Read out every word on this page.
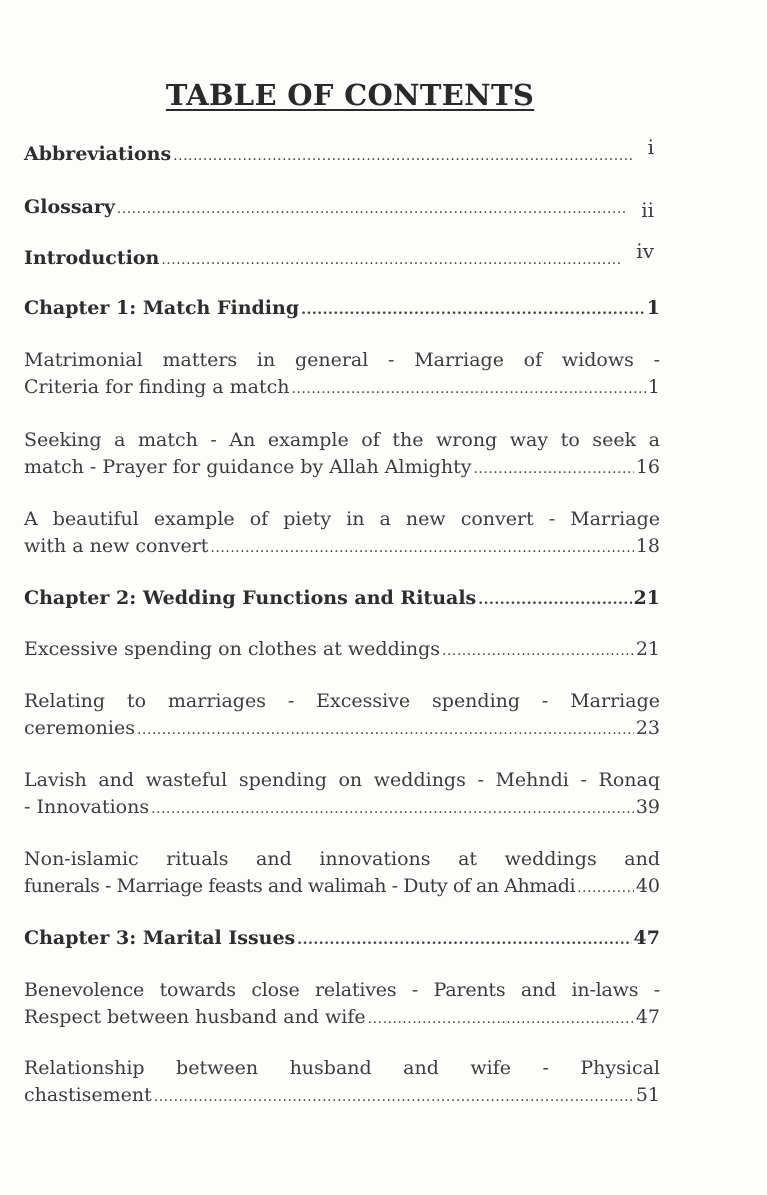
TABLE OF CONTENTS
Abbreviations .....	i
Glossary .....	ii
Introduction .....	iv
Chapter 1: Match Finding .....	1
Matrimonial matters in general - Marriage of widows -
Criteria for finding a match .....	1
Seeking a match - An example of the wrong way to seek a
match - Prayer for guidance by Allah Almighty .....	16
A beautiful example of piety in a new convert - Marriage
with a new convert .....	18
Chapter 2: Wedding Functions and Rituals .....	21
Excessive spending on clothes at weddings .....	21
Relating to marriages - Excessive spending - Marriage
ceremonies .....	23
Lavish and wasteful spending on weddings - Mehndi - Ronaq
- Innovations .....	39
Non-islamic rituals and innovations at weddings and
funerals - Marriage feasts and walimah - Duty of an Ahmadi .....	40
Chapter 3: Marital Issues .....	47
Benevolence towards close relatives - Parents and in-laws -
Respect between husband and wife .....	47
Relationship between husband and wife - Physical
chastisement .....	51
